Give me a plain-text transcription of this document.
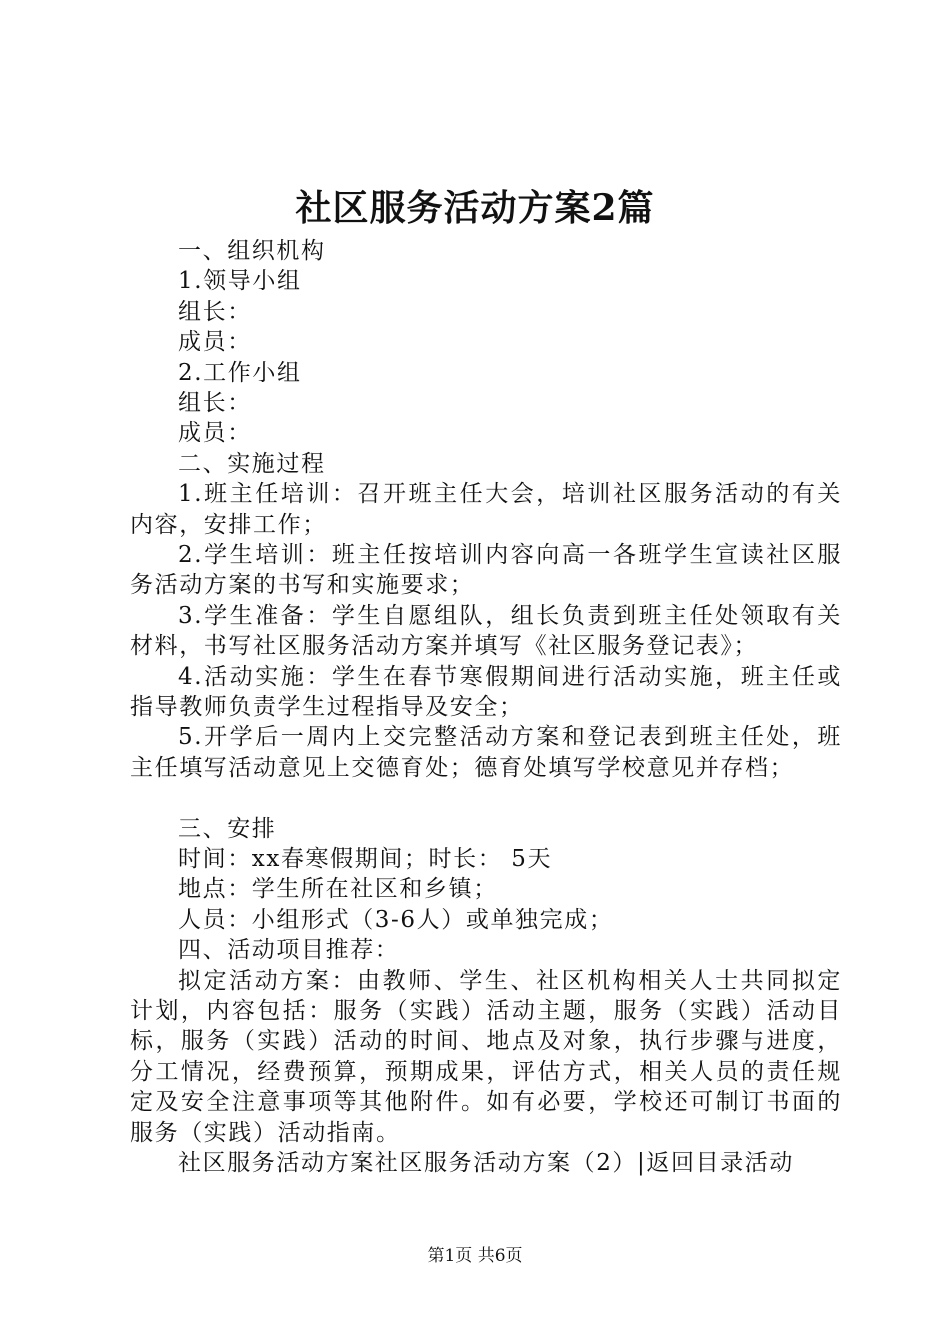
社区服务活动方案2篇
一、组织机构
1.领导小组
组长：
成员：
2.工作小组
组长：
成员：
二、实施过程
1.班主任培训：召开班主任大会，培训社区服务活动的有关内容，安排工作；
2.学生培训：班主任按培训内容向高一各班学生宣读社区服务活动方案的书写和实施要求；
3.学生准备：学生自愿组队，组长负责到班主任处领取有关材料，书写社区服务活动方案并填写《社区服务登记表》；
4.活动实施：学生在春节寒假期间进行活动实施，班主任或指导教师负责学生过程指导及安全；
5.开学后一周内上交完整活动方案和登记表到班主任处，班主任填写活动意见上交德育处；德育处填写学校意见并存档；
三、安排
时间：xx春寒假期间；时长： 5天
地点：学生所在社区和乡镇；
人员：小组形式（3-6人）或单独完成；
四、活动项目推荐：
拟定活动方案：由教师、学生、社区机构相关人士共同拟定计划，内容包括：服务（实践）活动主题，服务（实践）活动目标，服务（实践）活动的时间、地点及对象，执行步骤与进度，分工情况，经费预算，预期成果，评估方式，相关人员的责任规定及安全注意事项等其他附件。如有必要，学校还可制订书面的服务（实践）活动指南。
社区服务活动方案社区服务活动方案（2）|返回目录活动
第1页 共6页
